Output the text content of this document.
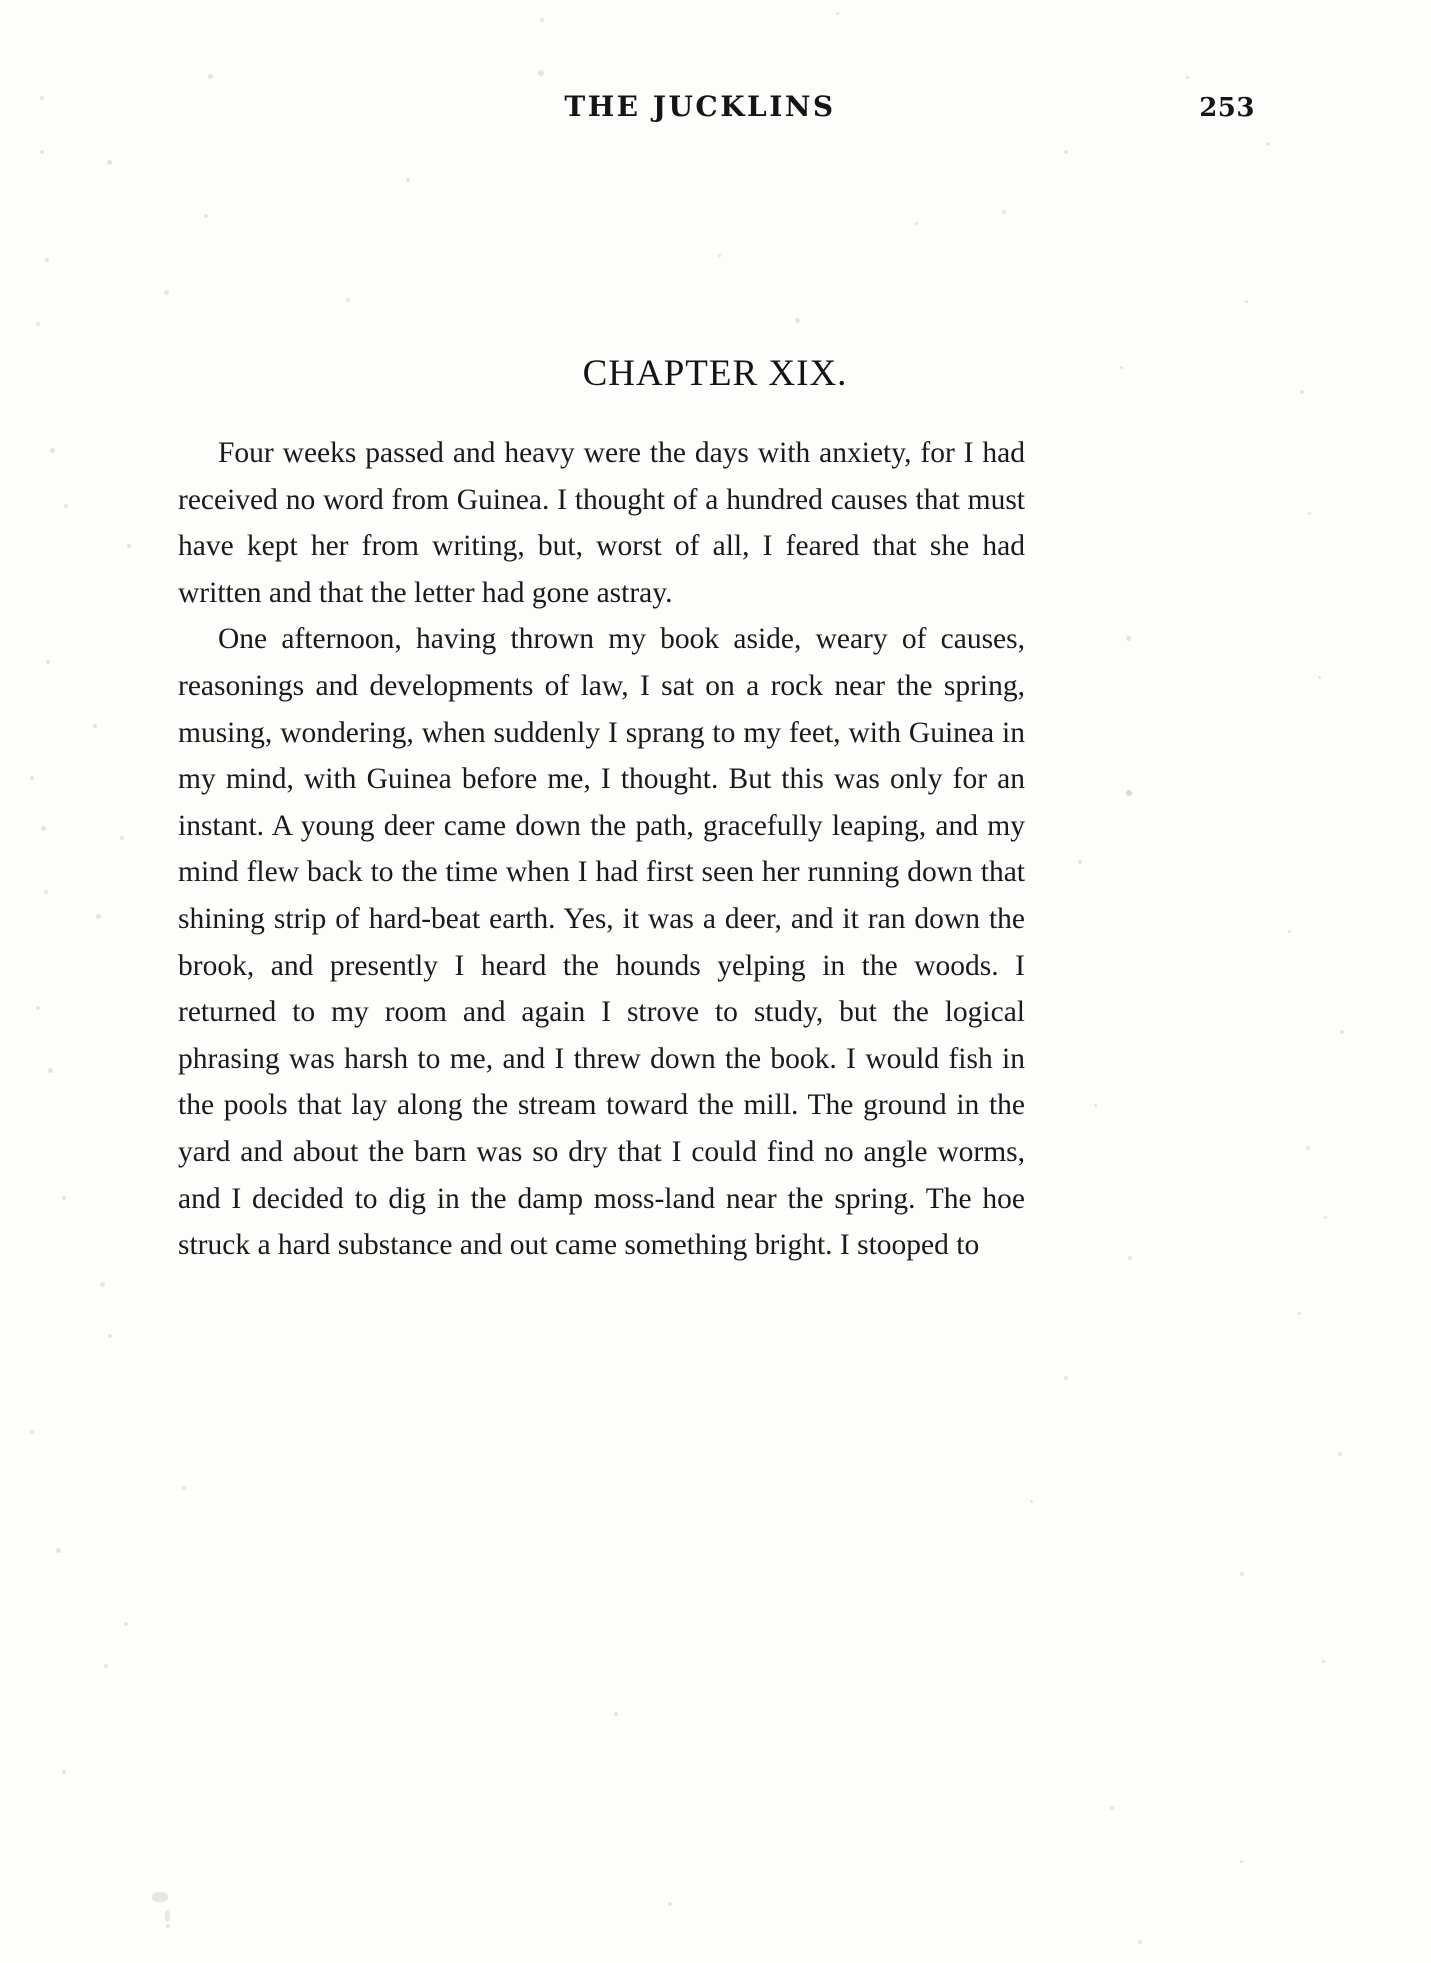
THE JUCKLINS	253
CHAPTER XIX.

Four weeks passed and heavy were the days with anxiety, for I had received no word from Guinea. I thought of a hundred causes that must have kept her from writing, but, worst of all, I feared that she had written and that the letter had gone astray.

One afternoon, having thrown my book aside, weary of causes, reasonings and developments of law, I sat on a rock near the spring, musing, wondering, when suddenly I sprang to my feet, with Guinea in my mind, with Guinea before me, I thought. But this was only for an instant. A young deer came down the path, gracefully leaping, and my mind flew back to the time when I had first seen her running down that shining strip of hard-beat earth. Yes, it was a deer, and it ran down the brook, and presently I heard the hounds yelping in the woods. I returned to my room and again I strove to study, but the logical phrasing was harsh to me, and I threw down the book. I would fish in the pools that lay along the stream toward the mill. The ground in the yard and about the barn was so dry that I could find no angle worms, and I decided to dig in the damp moss-land near the spring. The hoe struck a hard substance and out came something bright. I stooped to
